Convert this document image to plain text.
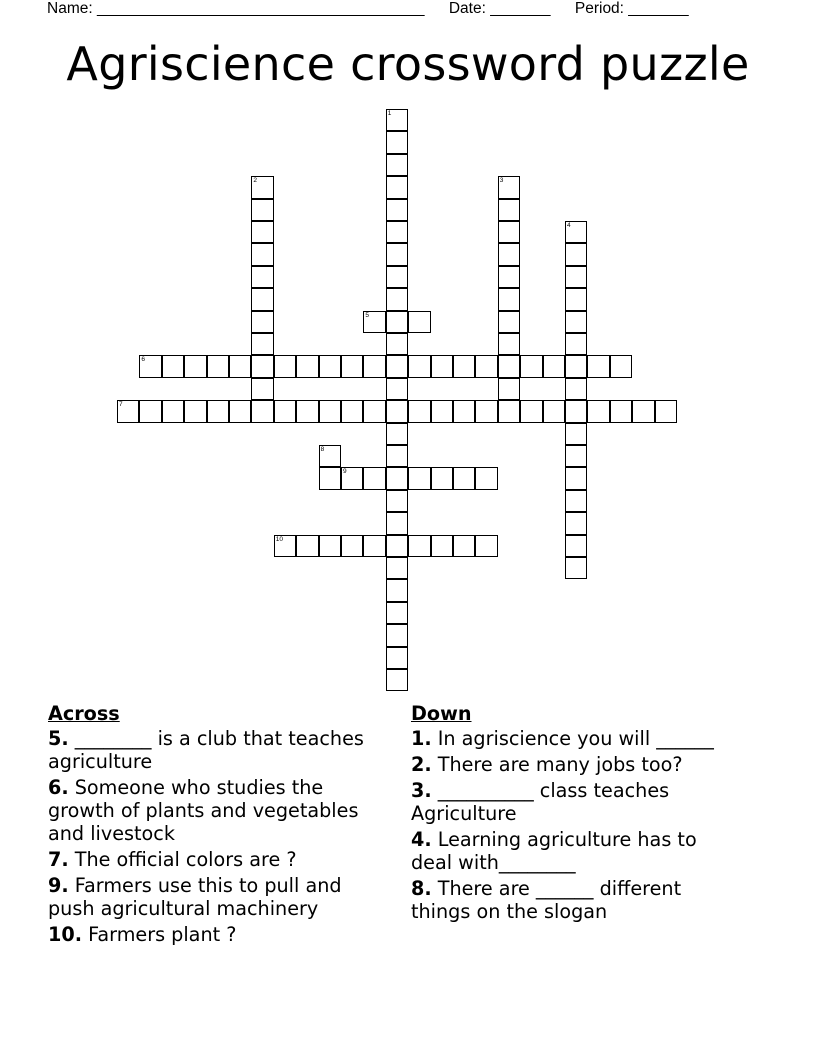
Name: ______________________________________ Date: _______ Period: _______
Agriscience crossword puzzle
1
2	3
4
5
6
7
8
9
10
Across
5. ________ is a club that teaches agriculture
6. Someone who studies the growth of plants and vegetables and livestock
7. The official colors are ?
9. Farmers use this to pull and push agricultural machinery
10. Farmers plant ?
Down
1. In agriscience you will ______
2. There are many jobs too?
3. __________ class teaches Agriculture
4. Learning agriculture has to deal with________
8. There are ______ different things on the slogan
